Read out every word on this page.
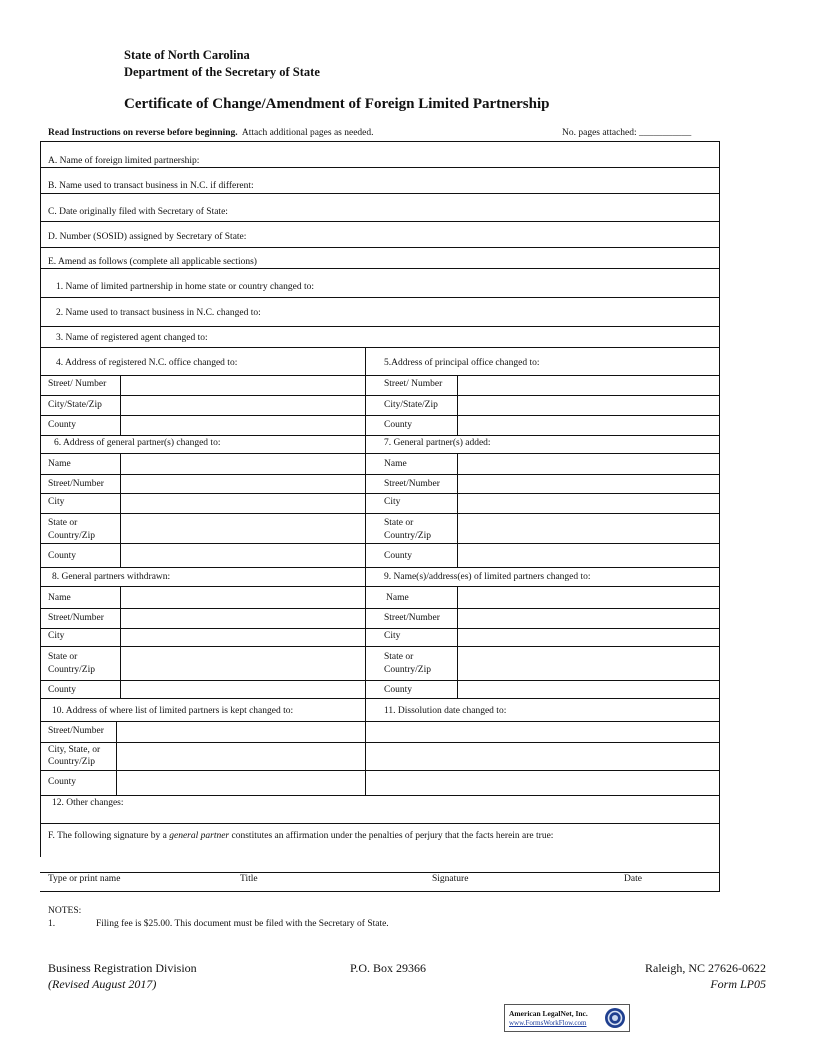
State of North Carolina
Department of the Secretary of State
Certificate of Change/Amendment of Foreign Limited Partnership
Read Instructions on reverse before beginning. Attach additional pages as needed.	No. pages attached: ___________
A. Name of foreign limited partnership:
B. Name used to transact business in N.C. if different:
C. Date originally filed with Secretary of State:
D. Number (SOSID) assigned by Secretary of State:
E. Amend as follows (complete all applicable sections)
1. Name of limited partnership in home state or country changed to:
2. Name used to transact business in N.C. changed to:
3. Name of registered agent changed to:
4. Address of registered N.C. office changed to:	5.Address of principal office changed to:
Street/ Number
City/State/Zip
County
Street/ Number
City/State/Zip
County
6. Address of general partner(s) changed to:	7. General partner(s) added:
Name
Street/Number
City
State or
Country/Zip
County
Name
Street/Number
City
State or
Country/Zip
County
8. General partners withdrawn:	9. Name(s)/address(es) of limited partners changed to:
Name
Street/Number
City
State or
Country/Zip
County
Name
Street/Number
City
State or
Country/Zip
County
10. Address of where list of limited partners is kept changed to:	11. Dissolution date changed to:
Street/Number
City, State, or
Country/Zip
County
12. Other changes:
F. The following signature by a general partner constitutes an affirmation under the penalties of perjury that the facts herein are true:
Type or print name	Title	Signature	Date
NOTES:
1.	Filing fee is $25.00. This document must be filed with the Secretary of State.
Business Registration Division	P.O. Box 29366	Raleigh, NC 27626-0622
(Revised August 2017)	Form LP05
American LegalNet, Inc.
www.FormsWorkFlow.com
